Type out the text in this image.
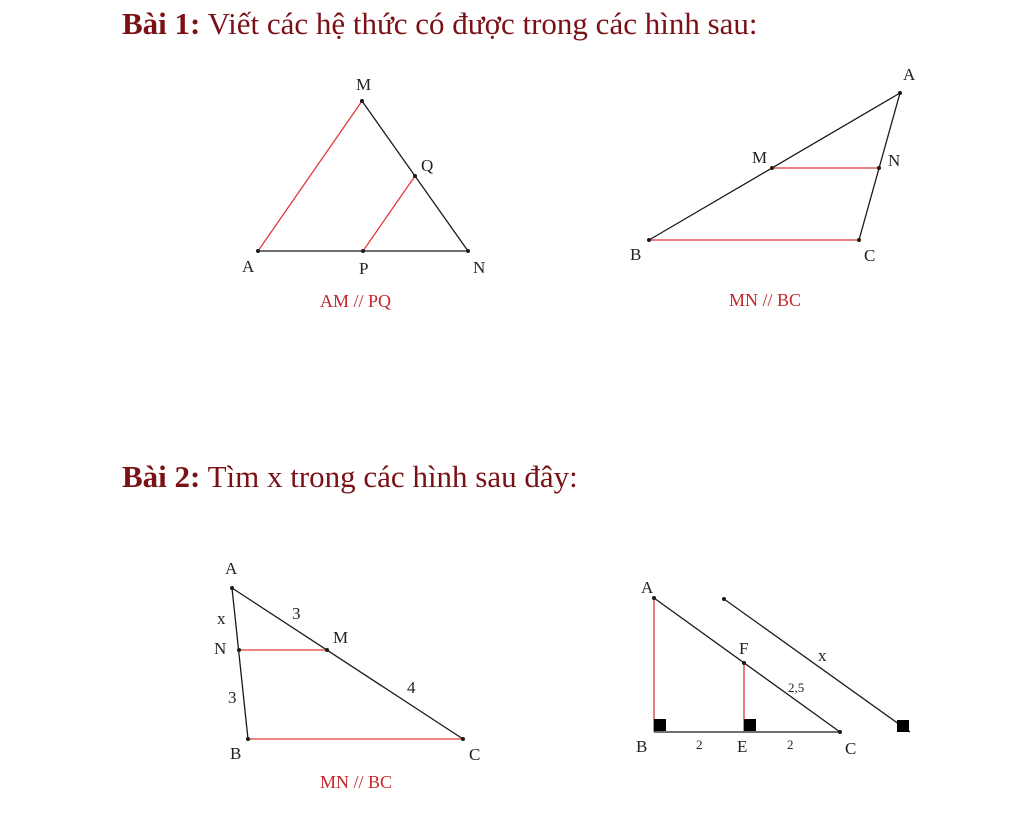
Bài 1: Viết các hệ thức có được trong các hình sau:
Bài 2: Tìm x trong các hình sau đây:
M
Q
A	P	N
AM // PQ
A
M	N
B	C
MN // BC
A
N
M
B	C
x	3
3
4
MN // BC
A
F
B	E	C
2	2
2,5
x
